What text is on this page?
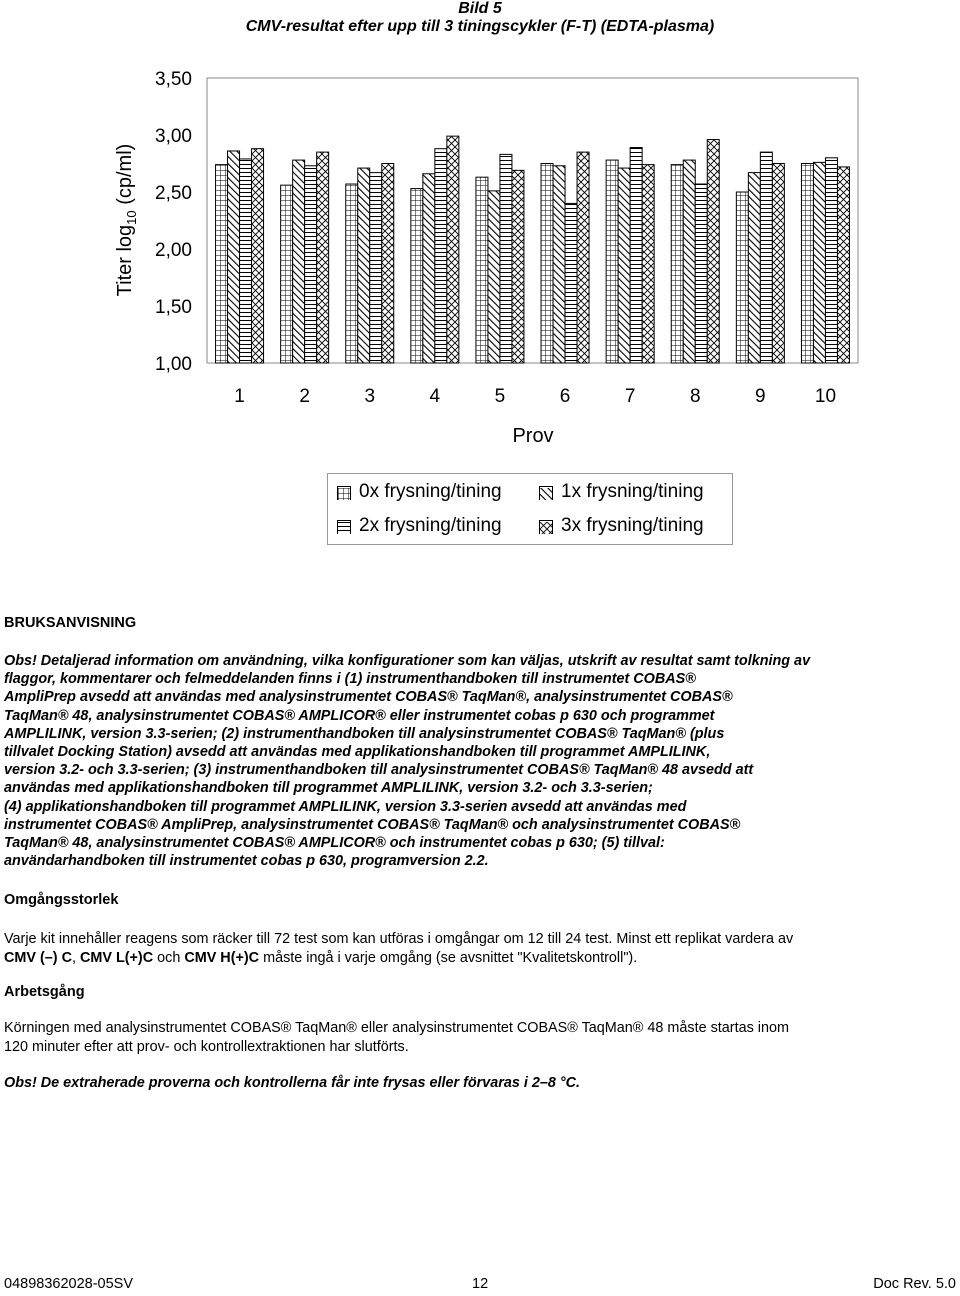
Bild 5
CMV-resultat efter upp till 3 tiningscykler (F-T) (EDTA-plasma)
3,50
3,00
2,50
2,00
1,50
1,00
1	2	3	4	5	6	7	8	9	10
Prov
Titer $\log_{10} (cp/ml)$
0x frysning/tining	1x frysning/tining
2x frysning/tining	3x frysning/tining
BRUKSANVISNING
Obs! Detaljerad information om användning, vilka konfigurationer som kan väljas, utskrift av resultat samt tolkning av
flaggor, kommentarer och felmeddelanden finns i (1) instrumenthandboken till instrumentet COBAS®
AmpliPrep avsedd att användas med analysinstrumentet COBAS® TaqMan®, analysinstrumentet COBAS®
TaqMan® 48, analysinstrumentet COBAS® AMPLICOR® eller instrumentet cobas p 630 och programmet
AMPLILINK, version 3.3-serien; (2) instrumenthandboken till analysinstrumentet COBAS® TaqMan® (plus
tillvalet Docking Station) avsedd att användas med applikationshandboken till programmet AMPLILINK,
version 3.2- och 3.3-serien; (3) instrumenthandboken till analysinstrumentet COBAS® TaqMan® 48 avsedd att
användas med applikationshandboken till programmet AMPLILINK, version 3.2- och 3.3-serien;
(4) applikationshandboken till programmet AMPLILINK, version 3.3-serien avsedd att användas med
instrumentet COBAS® AmpliPrep, analysinstrumentet COBAS® TaqMan® och analysinstrumentet COBAS®
TaqMan® 48, analysinstrumentet COBAS® AMPLICOR® och instrumentet cobas p 630; (5) tillval:
användarhandboken till instrumentet cobas p 630, programversion 2.2.
Omgångsstorlek
Varje kit innehåller reagens som räcker till 72 test som kan utföras i omgångar om 12 till 24 test. Minst ett replikat vardera av
CMV (–) C, CMV L(+)C och CMV H(+)C måste ingå i varje omgång (se avsnittet "Kvalitetskontroll").
Arbetsgång
Körningen med analysinstrumentet COBAS® TaqMan® eller analysinstrumentet COBAS® TaqMan® 48 måste startas inom
120 minuter efter att prov- och kontrollextraktionen har slutförts.
Obs! De extraherade proverna och kontrollerna får inte frysas eller förvaras i 2–8 °C.
04898362028-05SV	12	Doc Rev. 5.0
